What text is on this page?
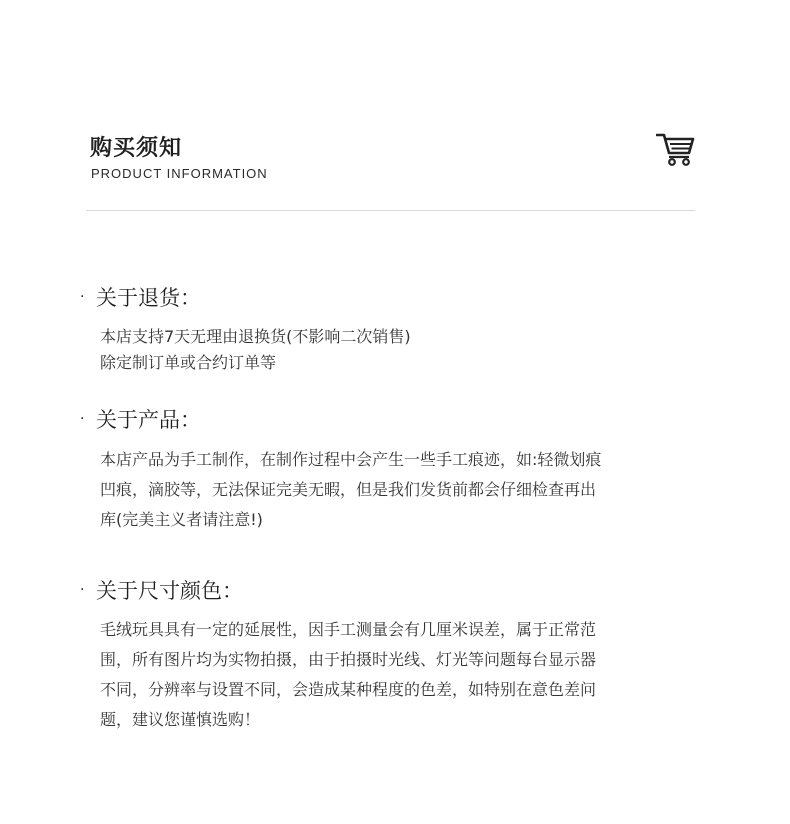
购买须知
PRODUCT INFORMATION
· 关于退货：
本店支持7天无理由退换货(不影响二次销售)
除定制订单或合约订单等
· 关于产品：
本店产品为手工制作，在制作过程中会产生一些手工痕迹，如:轻微划痕
凹痕，滴胶等，无法保证完美无暇，但是我们发货前都会仔细检查再出
库(完美主义者请注意!)
· 关于尺寸颜色：
毛绒玩具具有一定的延展性，因手工测量会有几厘米误差，属于正常范
围，所有图片均为实物拍摄，由于拍摄时光线、灯光等问题每台显示器
不同，分辨率与设置不同，会造成某种程度的色差，如特别在意色差问
题，建议您谨慎选购！
